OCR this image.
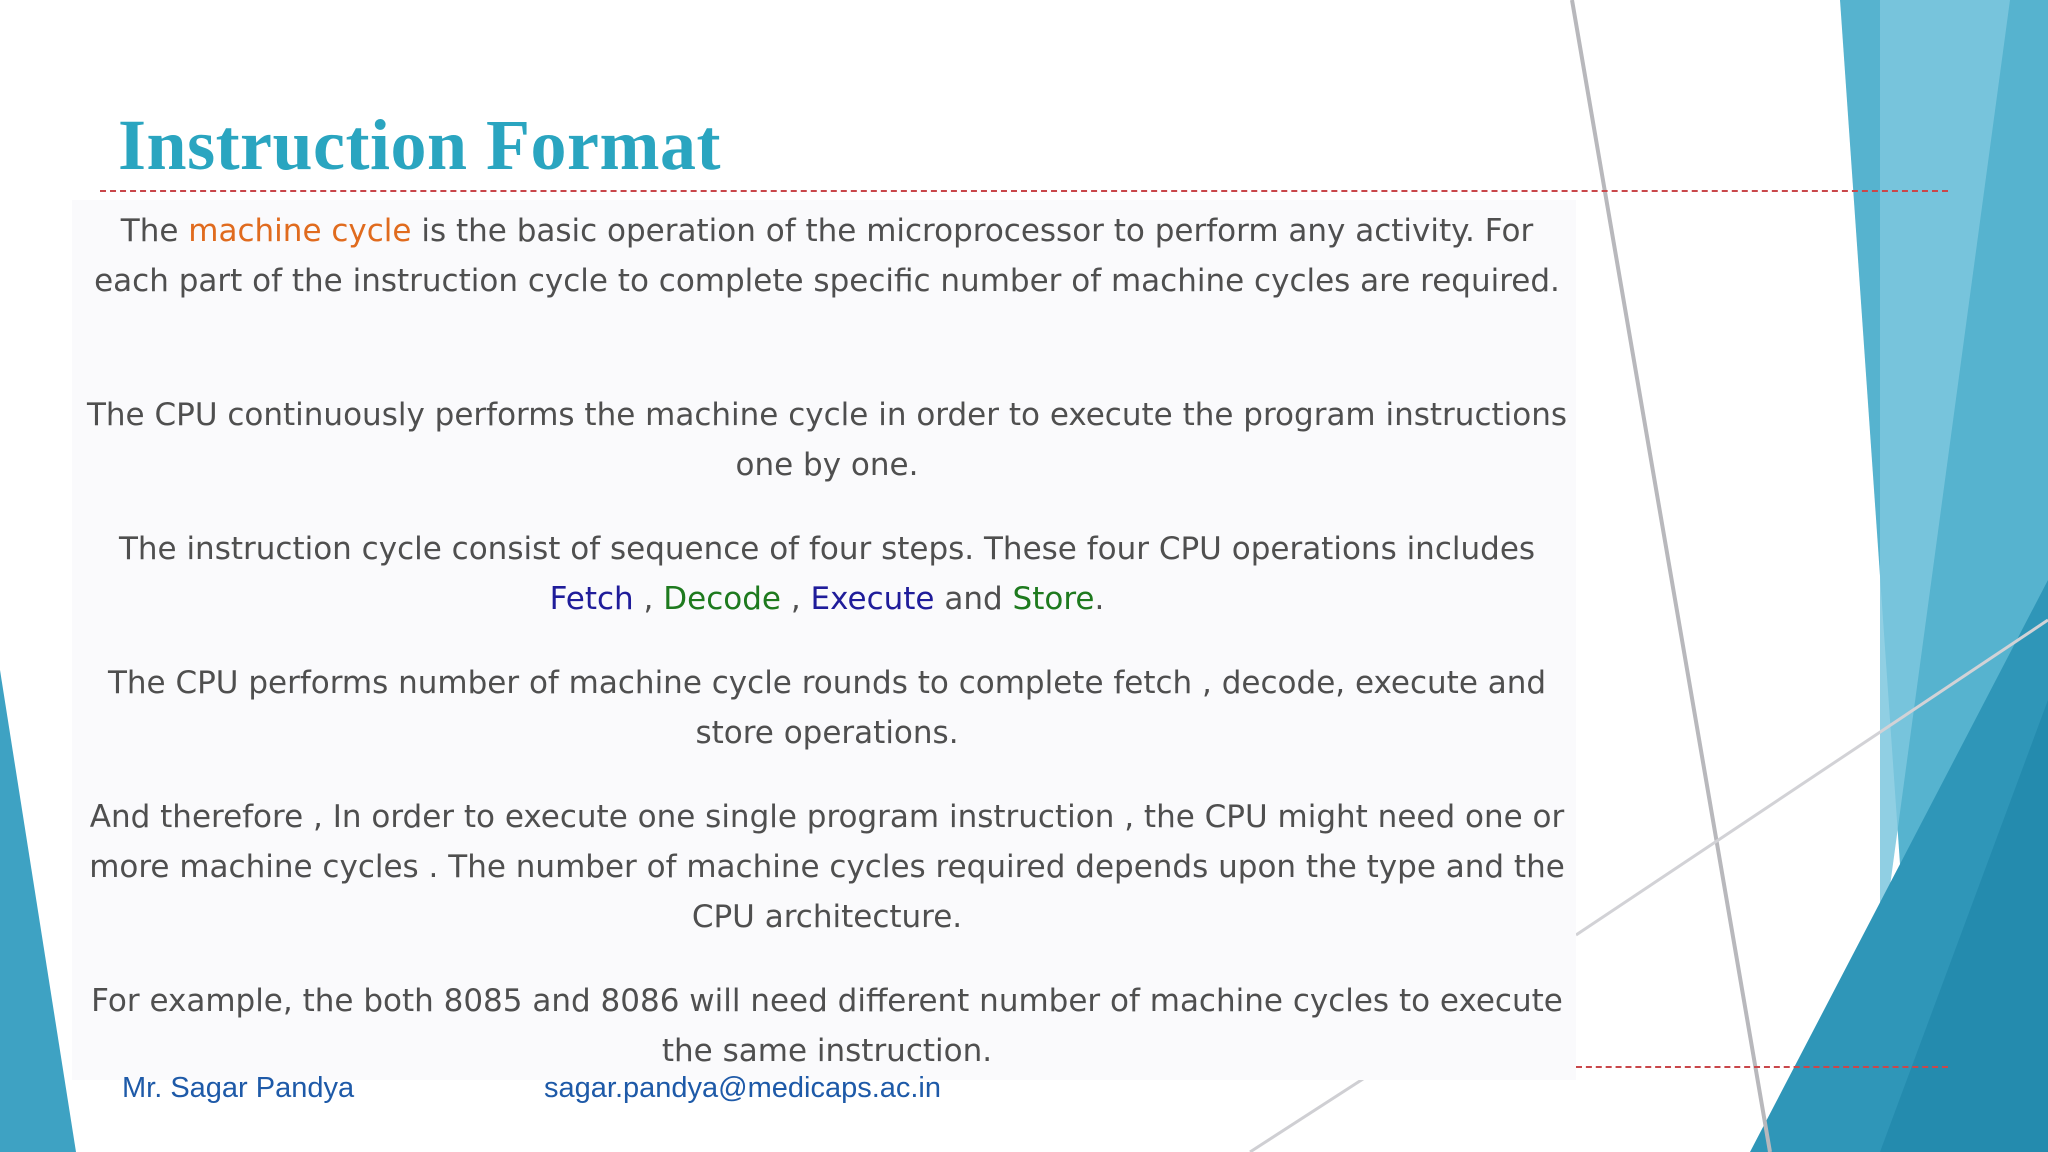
Instruction Format

The machine cycle is the basic operation of the microprocessor to perform any activity. For each part of the instruction cycle to complete specific number of machine cycles are required.

The CPU continuously performs the machine cycle in order to execute the program instructions one by one.

The instruction cycle consist of sequence of four steps. These four CPU operations includes Fetch , Decode , Execute and Store.

The CPU performs number of machine cycle rounds to complete fetch , decode, execute and store operations.

And therefore , In order to execute one single program instruction , the CPU might need one or more machine cycles . The number of machine cycles required depends upon the type and the CPU architecture.

For example, the both 8085 and 8086 will need different number of machine cycles to execute the same instruction.

Mr. Sagar Pandya	sagar.pandya@medicaps.ac.in
